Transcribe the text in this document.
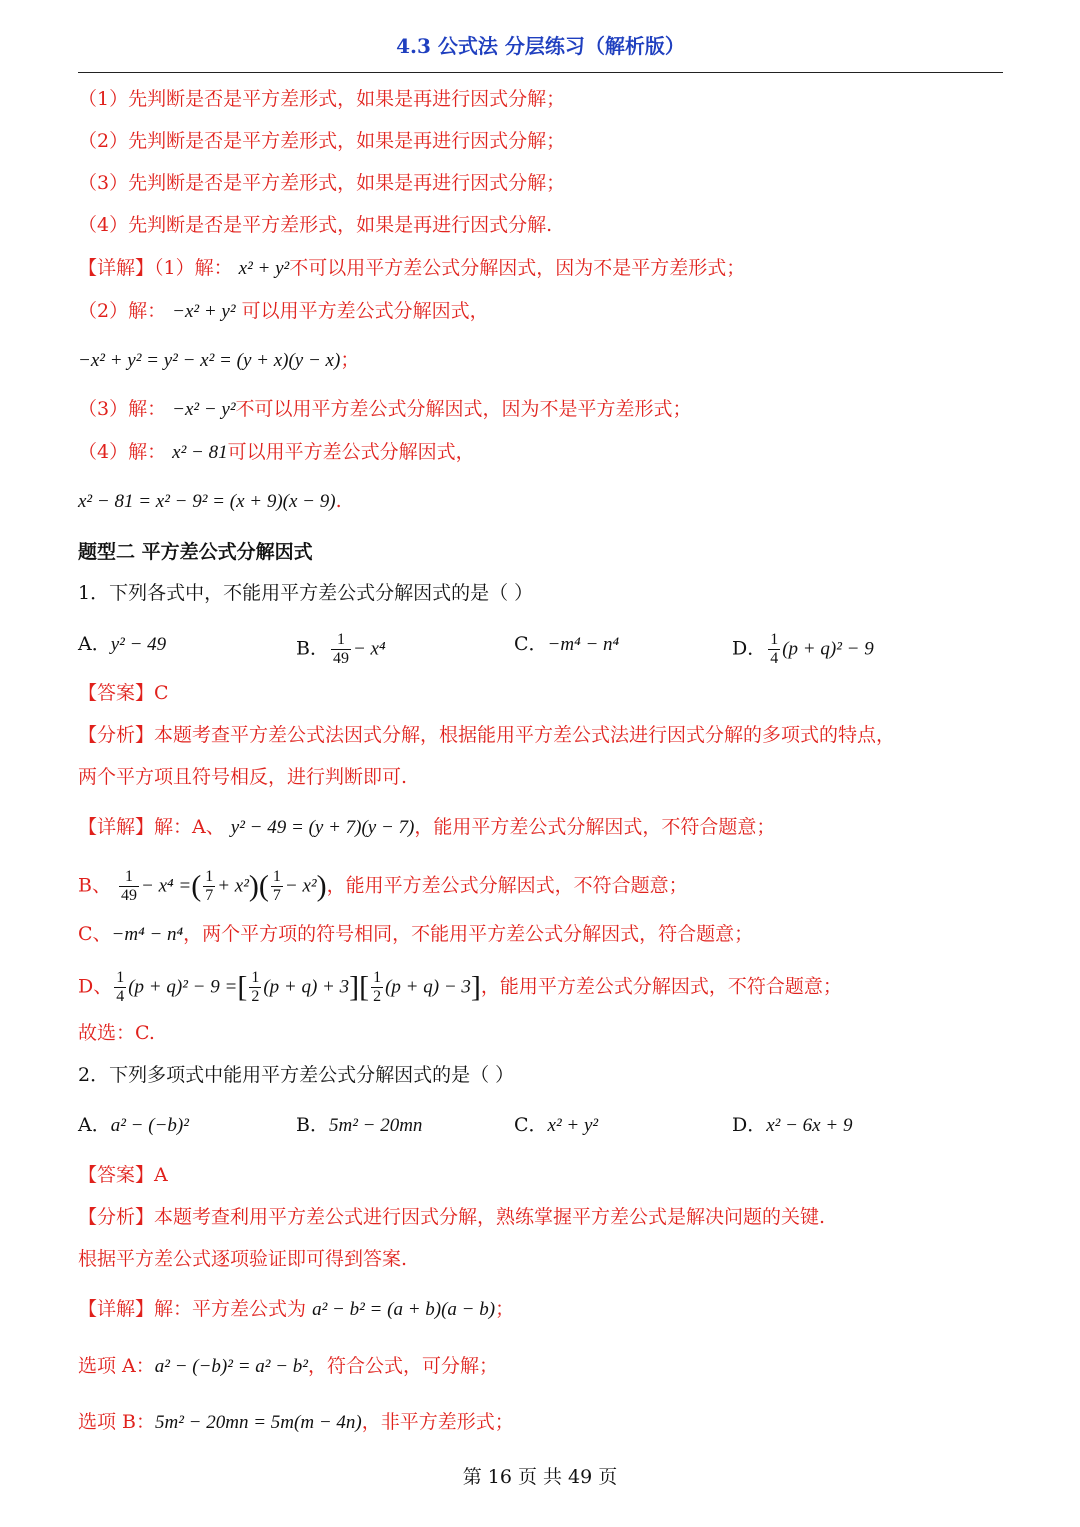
4.3 公式法 分层练习（解析版）
（1）先判断是否是平方差形式，如果是再进行因式分解；
（2）先判断是否是平方差形式，如果是再进行因式分解；
（3）先判断是否是平方差形式，如果是再进行因式分解；
（4）先判断是否是平方差形式，如果是再进行因式分解.
【详解】（1）解： x² + y²不可以用平方差公式分解因式，因为不是平方差形式；
（2）解： −x² + y² 可以用平方差公式分解因式，
−x² + y² = y² − x² = (y + x)(y − x)；
（3）解： −x² − y²不可以用平方差公式分解因式，因为不是平方差形式；
（4）解： x² − 81可以用平方差公式分解因式，
x² − 81 = x² − 9² = (x + 9)(x − 9).
题型二 平方差公式分解因式
1．下列各式中，不能用平方差公式分解因式的是（ ）
A．y² − 49	B． $\frac{1}{49} - x^4$	C．−m⁴ − n⁴	D． $\frac{1}{4} (p + q)^2 - 9$
【答案】C
【分析】本题考查平方差公式法因式分解，根据能用平方差公式法进行因式分解的多项式的特点，
两个平方项且符号相反，进行判断即可.
【详解】解：A、 y² − 49 = (y + 7)(y − 7)，能用平方差公式分解因式，不符合题意；
B、 $\frac{1}{49} - x^4$ =( $\frac{1}{7} + x^2)( \frac{1}{7} - x^2)$，能用平方差公式分解因式，不符合题意；
C、−m⁴ − n⁴，两个平方项的符号相同，不能用平方差公式分解因式，符合题意；
D、 $\frac{1}{4} (p + q)^2 - 9$ =[ $\frac{1}{2} (p + q) + 3][ \frac{1}{2} (p + q) - 3]$，能用平方差公式分解因式，不符合题意；
故选：C.
2．下列多项式中能用平方差公式分解因式的是（ ）
A．a² − (−b)²	B．5m² − 20mn	C．x² + y²	D．x² − 6x + 9
【答案】A
【分析】本题考查利用平方差公式进行因式分解，熟练掌握平方差公式是解决问题的关键.
根据平方差公式逐项验证即可得到答案.
【详解】解：平方差公式为 a² − b² = (a + b)(a − b)；
选项 A：a² − (−b)² = a² − b²，符合公式，可分解；
选项 B：5m² − 20mn = 5m(m − 4n)，非平方差形式；
第 16 页 共 49 页
